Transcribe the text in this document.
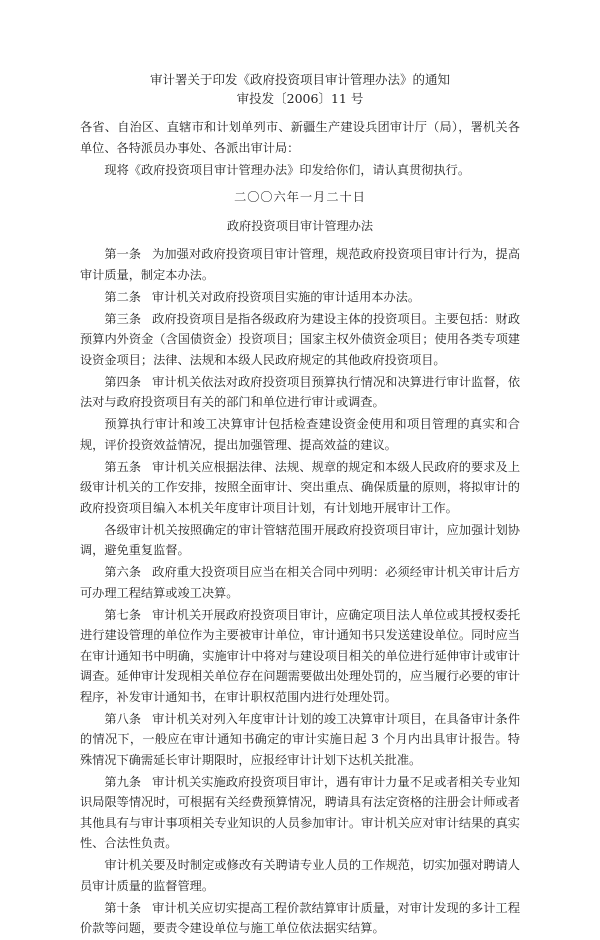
审计署关于印发《政府投资项目审计管理办法》的通知
审投发〔2006〕11 号

各省、自治区、直辖市和计划单列市、新疆生产建设兵团审计厅（局），署机关各单位、各特派员办事处、各派出审计局：

现将《政府投资项目审计管理办法》印发给你们，请认真贯彻执行。

二〇〇六年一月二十日
政府投资项目审计管理办法

第一条 为加强对政府投资项目审计管理，规范政府投资项目审计行为，提高审计质量，制定本办法。

第二条 审计机关对政府投资项目实施的审计适用本办法。

第三条 政府投资项目是指各级政府为建设主体的投资项目。主要包括：财政预算内外资金（含国债资金）投资项目；国家主权外债资金项目；使用各类专项建设资金项目；法律、法规和本级人民政府规定的其他政府投资项目。

第四条 审计机关依法对政府投资项目预算执行情况和决算进行审计监督，依法对与政府投资项目有关的部门和单位进行审计或调查。

预算执行审计和竣工决算审计包括检查建设资金使用和项目管理的真实和合规，评价投资效益情况，提出加强管理、提高效益的建议。

第五条 审计机关应根据法律、法规、规章的规定和本级人民政府的要求及上级审计机关的工作安排，按照全面审计、突出重点、确保质量的原则，将拟审计的政府投资项目编入本机关年度审计项目计划，有计划地开展审计工作。

各级审计机关按照确定的审计管辖范围开展政府投资项目审计，应加强计划协调，避免重复监督。

第六条 政府重大投资项目应当在相关合同中列明：必须经审计机关审计后方可办理工程结算或竣工决算。

第七条 审计机关开展政府投资项目审计，应确定项目法人单位或其授权委托进行建设管理的单位作为主要被审计单位，审计通知书只发送建设单位。同时应当在审计通知书中明确，实施审计中将对与建设项目相关的单位进行延伸审计或审计调查。延伸审计发现相关单位存在问题需要做出处理处罚的，应当履行必要的审计程序，补发审计通知书，在审计职权范围内进行处理处罚。

第八条 审计机关对列入年度审计计划的竣工决算审计项目，在具备审计条件的情况下，一般应在审计通知书确定的审计实施日起 3 个月内出具审计报告。特殊情况下确需延长审计期限时，应报经审计计划下达机关批准。

第九条 审计机关实施政府投资项目审计，遇有审计力量不足或者相关专业知识局限等情况时，可根据有关经费预算情况，聘请具有法定资格的注册会计师或者其他具有与审计事项相关专业知识的人员参加审计。审计机关应对审计结果的真实性、合法性负责。

审计机关要及时制定或修改有关聘请专业人员的工作规范，切实加强对聘请人员审计质量的监督管理。

第十条 审计机关应切实提高工程价款结算审计质量，对审计发现的多计工程价款等问题，要责令建设单位与施工单位依法据实结算。
